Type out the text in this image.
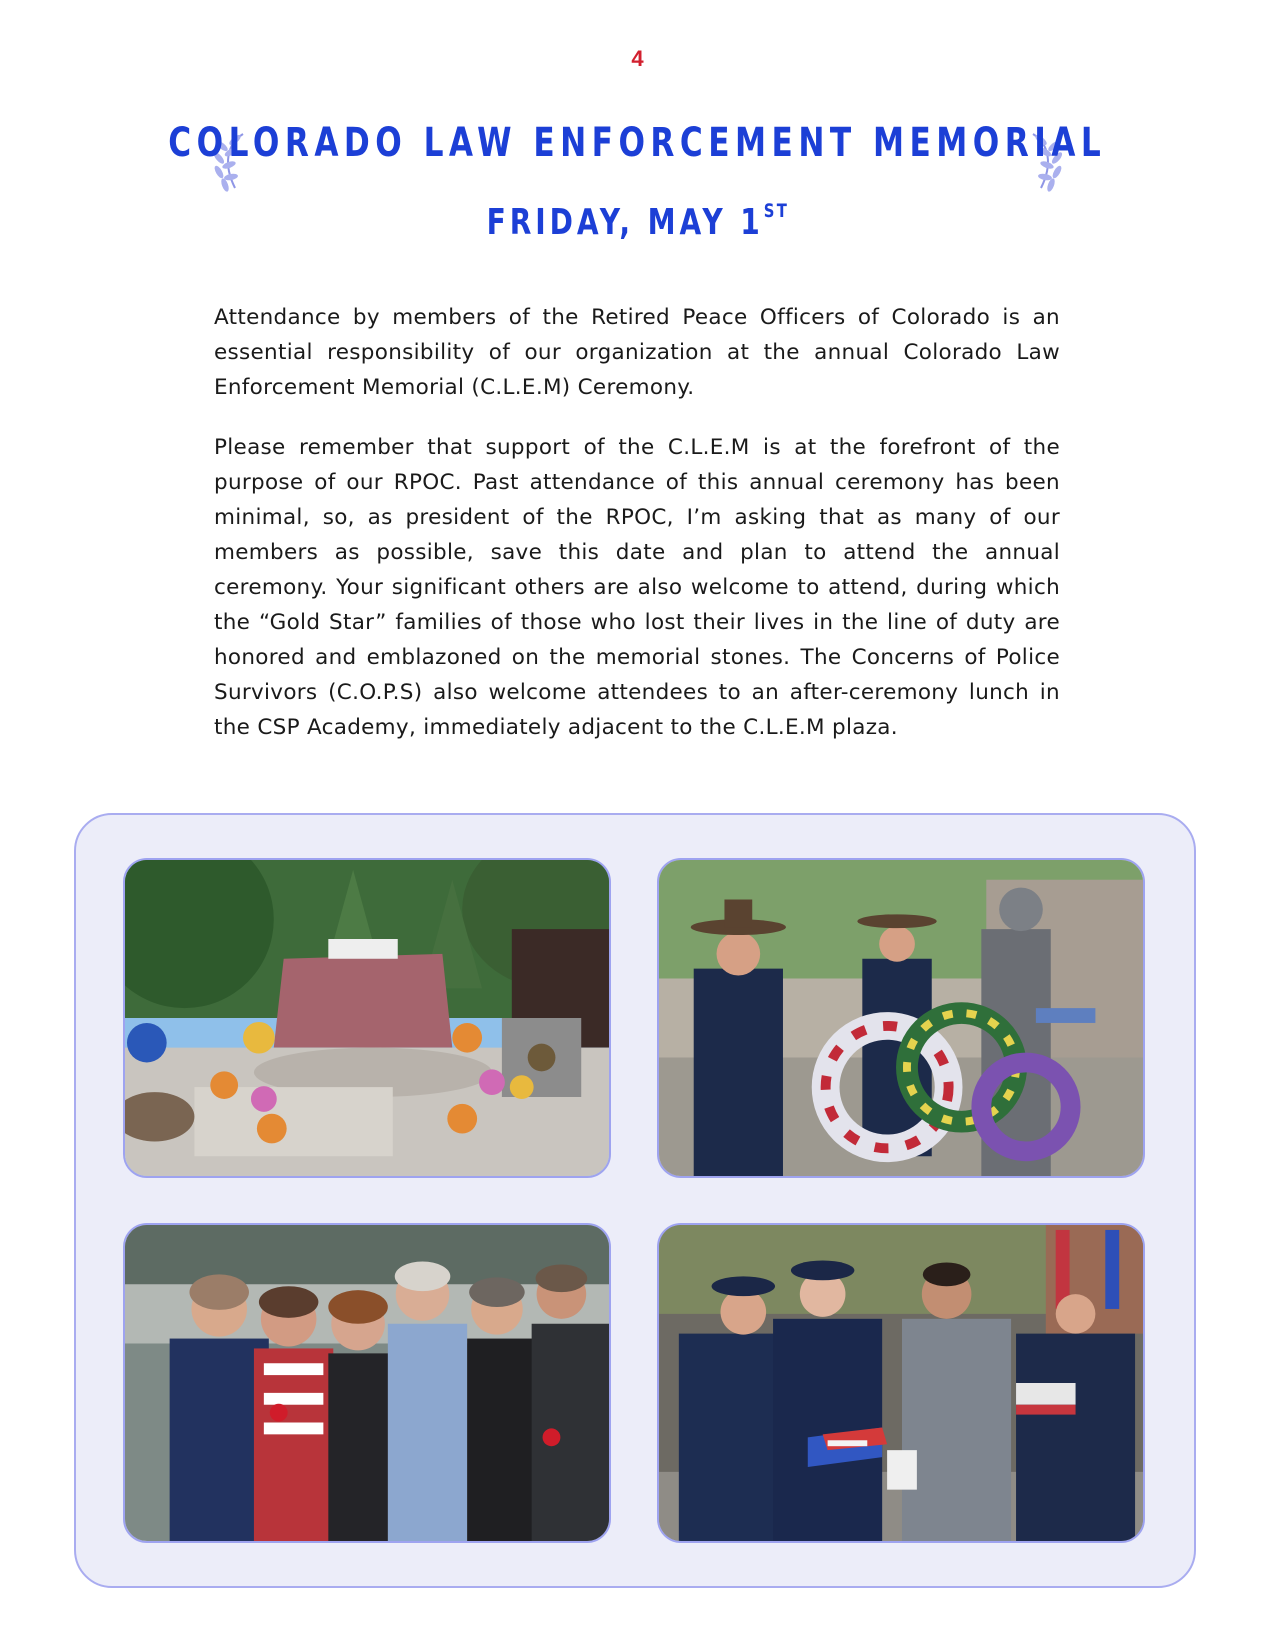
4
COLORADO LAW ENFORCEMENT MEMORIAL
FRIDAY, MAY 1ST

Attendance by members of the Retired Peace Officers of Colorado is an essential responsibility of our organization at the annual Colorado Law Enforcement Memorial (C.L.E.M) Ceremony.

Please remember that support of the C.L.E.M is at the forefront of the purpose of our RPOC. Past attendance of this annual ceremony has been minimal, so, as president of the RPOC, I’m asking that as many of our members as possible, save this date and plan to attend the annual ceremony. Your significant others are also welcome to attend, during which the “Gold Star” families of those who lost their lives in the line of duty are honored and emblazoned on the memorial stones. The Concerns of Police Survivors (C.O.P.S) also welcome attendees to an after-ceremony lunch in the CSP Academy, immediately adjacent to the C.L.E.M plaza.
